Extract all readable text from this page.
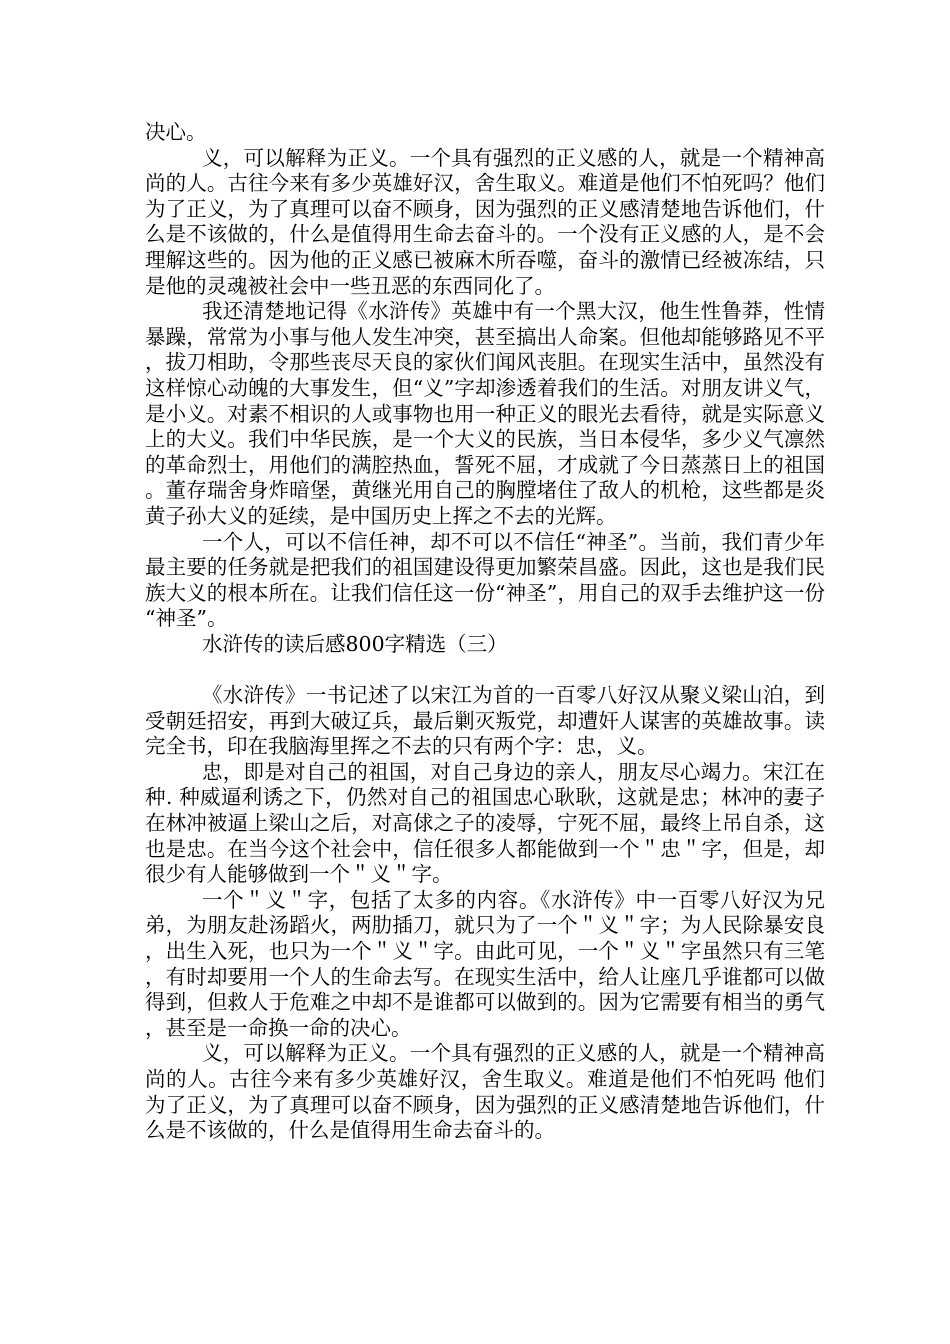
决心。

义，可以解释为正义。一个具有强烈的正义感的人，就是一个精神高尚的人。古往今来有多少英雄好汉，舍生取义。难道是他们不怕死吗？他们为了正义，为了真理可以奋不顾身，因为强烈的正义感清楚地告诉他们，什么是不该做的，什么是值得用生命去奋斗的。一个没有正义感的人，是不会理解这些的。因为他的正义感已被麻木所吞噬，奋斗的激情已经被冻结，只是他的灵魂被社会中一些丑恶的东西同化了。

我还清楚地记得《水浒传》英雄中有一个黑大汉，他生性鲁莽，性情暴躁，常常为小事与他人发生冲突，甚至搞出人命案。但他却能够路见不平，拔刀相助，令那些丧尽天良的家伙们闻风丧胆。在现实生活中，虽然没有这样惊心动魄的大事发生，但“义”字却渗透着我们的生活。对朋友讲义气，是小义。对素不相识的人或事物也用一种正义的眼光去看待，就是实际意义上的大义。我们中华民族，是一个大义的民族，当日本侵华，多少义气凛然的革命烈士，用他们的满腔热血，誓死不屈，才成就了今日蒸蒸日上的祖国。董存瑞舍身炸暗堡，黄继光用自己的胸膛堵住了敌人的机枪，这些都是炎黄子孙大义的延续，是中国历史上挥之不去的光辉。

一个人，可以不信任神，却不可以不信任“神圣”。当前，我们青少年最主要的任务就是把我们的祖国建设得更加繁荣昌盛。因此，这也是我们民族大义的根本所在。让我们信任这一份“神圣”，用自己的双手去维护这一份“神圣”。

水浒传的读后感800字精选（三）

《水浒传》一书记述了以宋江为首的一百零八好汉从聚义梁山泊，到受朝廷招安，再到大破辽兵，最后剿灭叛党，却遭奸人谋害的英雄故事。读完全书，印在我脑海里挥之不去的只有两个字：忠，义。

忠，即是对自己的祖国，对自己身边的亲人，朋友尽心竭力。宋江在种. 种威逼利诱之下，仍然对自己的祖国忠心耿耿，这就是忠；林冲的妻子在林冲被逼上梁山之后，对高俅之子的凌辱，宁死不屈，最终上吊自杀，这也是忠。在当今这个社会中，信任很多人都能做到一个＂忠＂字，但是，却很少有人能够做到一个＂义＂字。

一个＂义＂字，包括了太多的内容。《水浒传》中一百零八好汉为兄弟，为朋友赴汤蹈火，两肋插刀，就只为了一个＂义＂字；为人民除暴安良，出生入死，也只为一个＂义＂字。由此可见，一个＂义＂字虽然只有三笔，有时却要用一个人的生命去写。在现实生活中，给人让座几乎谁都可以做得到，但救人于危难之中却不是谁都可以做到的。因为它需要有相当的勇气，甚至是一命换一命的决心。

义，可以解释为正义。一个具有强烈的正义感的人，就是一个精神高尚的人。古往今来有多少英雄好汉，舍生取义。难道是他们不怕死吗 他们为了正义，为了真理可以奋不顾身，因为强烈的正义感清楚地告诉他们，什么是不该做的，什么是值得用生命去奋斗的。
